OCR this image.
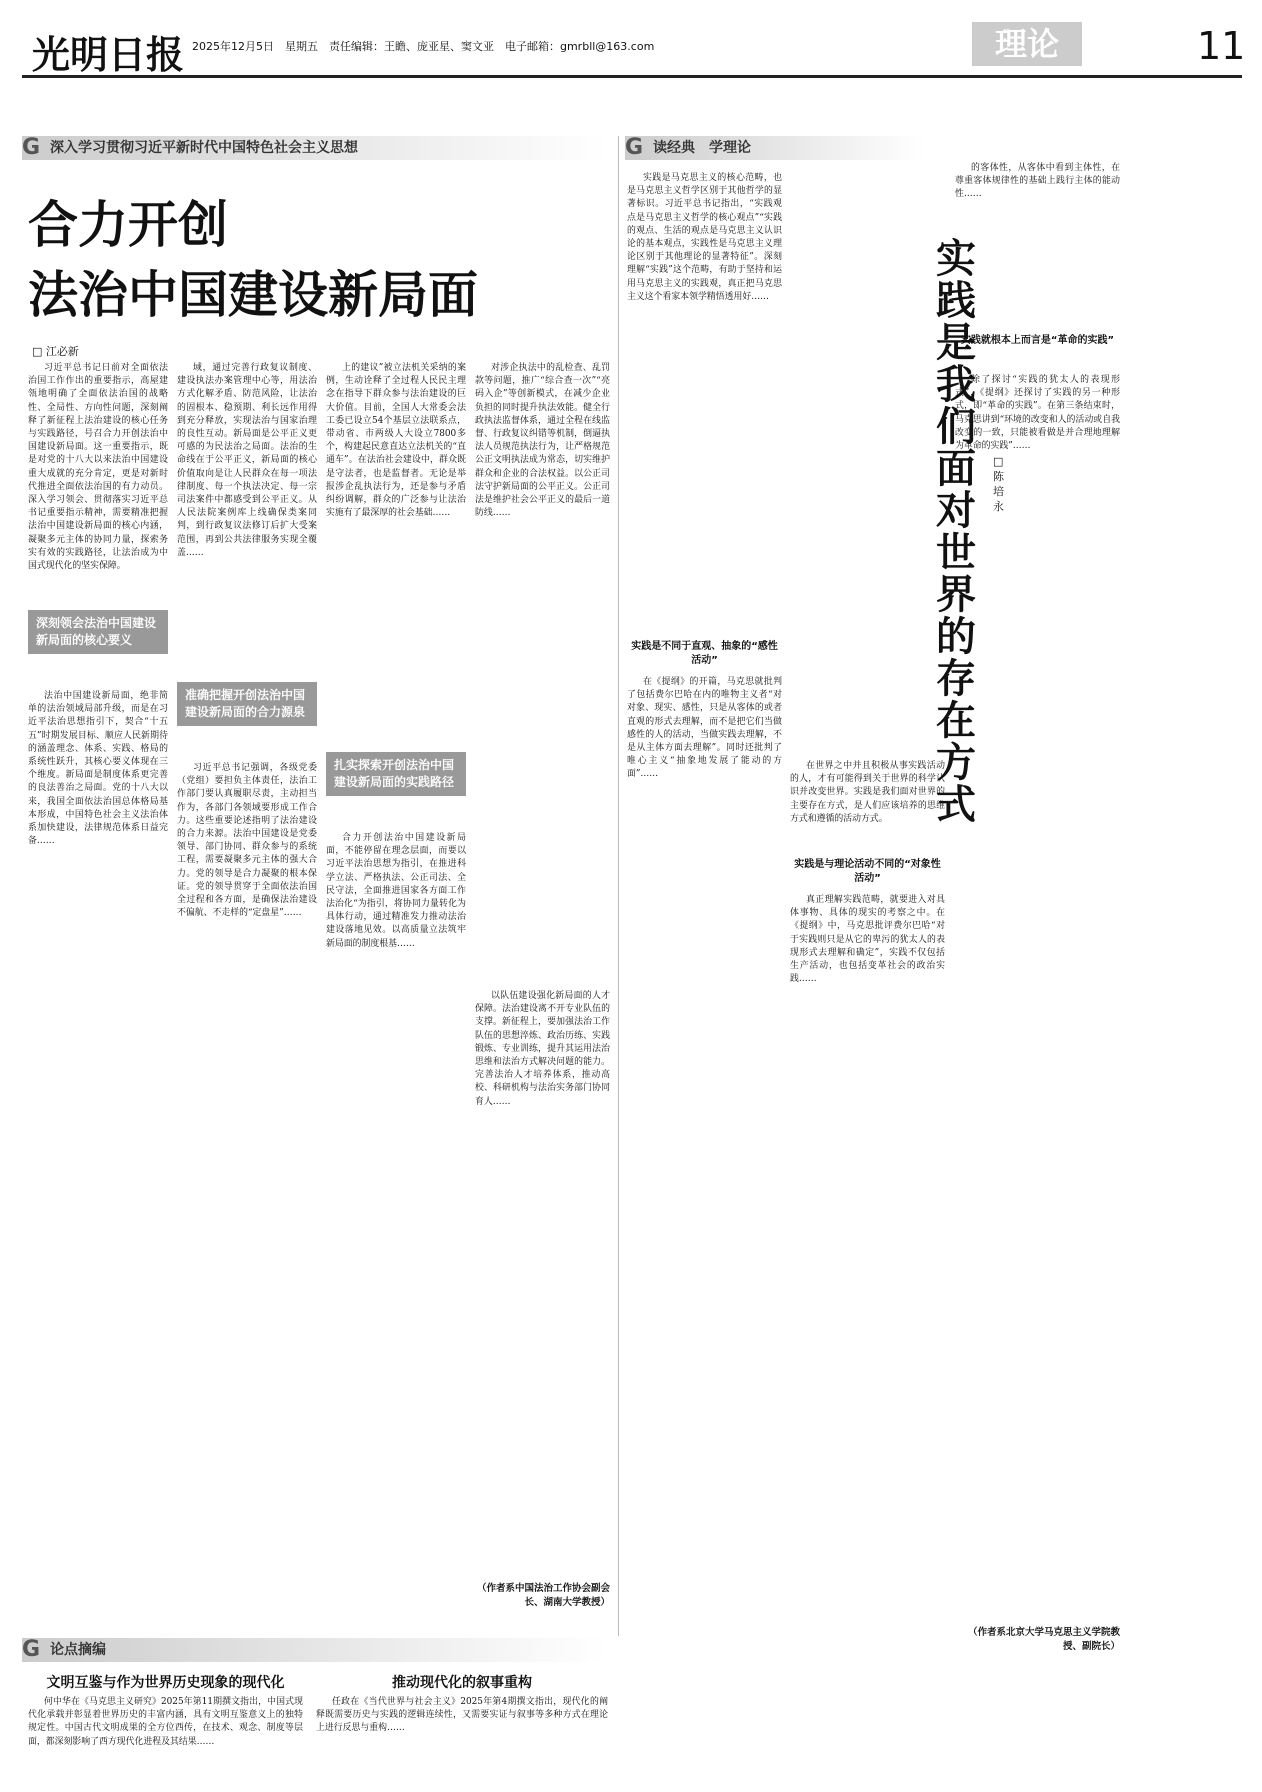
光明日报 2025年12月5日　星期五　责任编辑：王瞻、庞亚星、窦文亚　电子邮箱：gmrbll@163.com	理论	11
G 深入学习贯彻习近平新时代中国特色社会主义思想	G 读经典　学理论
合力开创
法治中国建设新局面
□ 江必新
习近平总书记日前对全面依法治国工作作出的重要指示，高屋建瓴地明确了全面依法治国的战略性、全局性、方向性问题，深刻阐释了新征程上法治建设的核心任务与实践路径，号召合力开创法治中国建设新局面。这一重要指示，既是对党的十八大以来法治中国建设重大成就的充分肯定，更是对新时代推进全面依法治国的有力动员。深入学习领会、贯彻落实习近平总书记重要指示精神，需要精准把握法治中国建设新局面的核心内涵，凝聚多元主体的协同力量，探索务实有效的实践路径，让法治成为中国式现代化的坚实保障。
深刻领会法治中国建设新局面的核心要义
法治中国建设新局面，绝非简单的法治领域局部升级，而是在习近平法治思想指引下，契合“十五五”时期发展目标、顺应人民新期待的涵盖理念、体系、实践、格局的系统性跃升，其核心要义体现在三个维度。新局面是制度体系更完善的良法善治之局面。党的十八大以来，我国全面依法治国总体格局基本形成，中国特色社会主义法治体系加快建设，法律规范体系日益完备……
域，通过完善行政复议制度、建设执法办案管理中心等，用法治方式化解矛盾、防范风险，让法治的固根本、稳预期、利长远作用得到充分释放，实现法治与国家治理的良性互动。新局面是公平正义更可感的为民法治之局面。法治的生命线在于公平正义，新局面的核心价值取向是让人民群众在每一项法律制度、每一个执法决定、每一宗司法案件中都感受到公平正义。从人民法院案例库上线确保类案同判，到行政复议法修订后扩大受案范围，再到公共法律服务实现全覆盖……
准确把握开创法治中国建设新局面的合力源泉
习近平总书记强调，各级党委（党组）要担负主体责任，法治工作部门要认真履职尽责，主动担当作为，各部门各领域要形成工作合力。这些重要论述指明了法治建设的合力来源。法治中国建设是党委领导、部门协同、群众参与的系统工程，需要凝聚多元主体的强大合力。党的领导是合力凝聚的根本保证。党的领导贯穿于全面依法治国全过程和各方面，是确保法治建设不偏航、不走样的“定盘星”……
上的建议”被立法机关采纳的案例，生动诠释了全过程人民民主理念在指导下群众参与法治建设的巨大价值。目前，全国人大常委会法工委已设立54个基层立法联系点，带动省、市两级人大设立7800多个，构建起民意直达立法机关的“直通车”。在法治社会建设中，群众既是守法者，也是监督者。无论是举报涉企乱执法行为，还是参与矛盾纠纷调解，群众的广泛参与让法治实施有了最深厚的社会基础……
扎实探索开创法治中国建设新局面的实践路径
合力开创法治中国建设新局面，不能停留在理念层面，而要以习近平法治思想为指引，在推进科学立法、严格执法、公正司法、全民守法，全面推进国家各方面工作法治化“为指引，将协同力量转化为具体行动，通过精准发力推动法治建设落地见效。以高质量立法筑牢新局面的制度根基……
对涉企执法中的乱检查、乱罚款等问题，推广“综合查一次”“亮码入企”等创新模式，在减少企业负担的同时提升执法效能。健全行政执法监督体系，通过全程在线监督、行政复议纠错等机制，倒逼执法人员规范执法行为，让严格规范公正文明执法成为常态，切实维护群众和企业的合法权益。以公正司法守护新局面的公平正义。公正司法是维护社会公平正义的最后一道防线……
以队伍建设强化新局面的人才保障。法治建设离不开专业队伍的支撑。新征程上，要加强法治工作队伍的思想淬炼、政治历练、实践锻炼、专业训练，提升其运用法治思维和法治方式解决问题的能力。完善法治人才培养体系，推动高校、科研机构与法治实务部门协同育人……
（作者系中国法治工作协会副会长、湖南大学教授）
实践是马克思主义的核心范畴，也是马克思主义哲学区别于其他哲学的显著标识。习近平总书记指出，“实践观点是马克思主义哲学的核心观点”“实践的观点、生活的观点是马克思主义认识论的基本观点，实践性是马克思主义理论区别于其他理论的显著特征”。深刻理解“实践”这个范畴，有助于坚持和运用马克思主义的实践观，真正把马克思主义这个看家本领学精悟透用好……
实践是不同于直观、抽象的“感性活动”
在《提纲》的开篇，马克思就批判了包括费尔巴哈在内的唯物主义者“对对象、现实、感性，只是从客体的或者直观的形式去理解，而不是把它们当做感性的人的活动，当做实践去理解，不是从主体方面去理解”。同时还批判了唯心主义“抽象地发展了能动的方面”……
实践是我们面对世界的存在方式
□陈培永
在世界之中并且积极从事实践活动的人，才有可能得到关于世界的科学认识并改变世界。实践是我们面对世界的主要存在方式，是人们应该培养的思维方式和遵循的活动方式。
实践是与理论活动不同的“对象性活动”
真正理解实践范畴，就要进入对具体事物、具体的现实的考察之中。在《提纲》中，马克思批评费尔巴哈“对于实践则只是从它的卑污的犹太人的表现形式去理解和确定”，实践不仅包括生产活动，也包括变革社会的政治实践……
的客体性，从客体中看到主体性，在尊重客体规律性的基础上践行主体的能动性……
实践就根本上而言是“革命的实践”
除了探讨“实践的犹太人的表现形式”，《提纲》还探讨了实践的另一种形式，即“革命的实践”。在第三条结束时，马克思讲到“环境的改变和人的活动或自我改变的一致，只能被看做是并合理地理解为革命的实践”……
（作者系北京大学马克思主义学院教授、副院长）
G 论点摘编
文明互鉴与作为世界历史现象的现代化
何中华在《马克思主义研究》2025年第11期撰文指出，中国式现代化承载并彰显着世界历史的丰富内涵，具有文明互鉴意义上的独特规定性。中国古代文明成果的全方位西传，在技术、观念、制度等层面，都深刻影响了西方现代化进程及其结果……
推动现代化的叙事重构
任政在《当代世界与社会主义》2025年第4期撰文指出，现代化的阐释既需要历史与实践的逻辑连续性，又需要实证与叙事等多种方式在理论上进行反思与重构……
